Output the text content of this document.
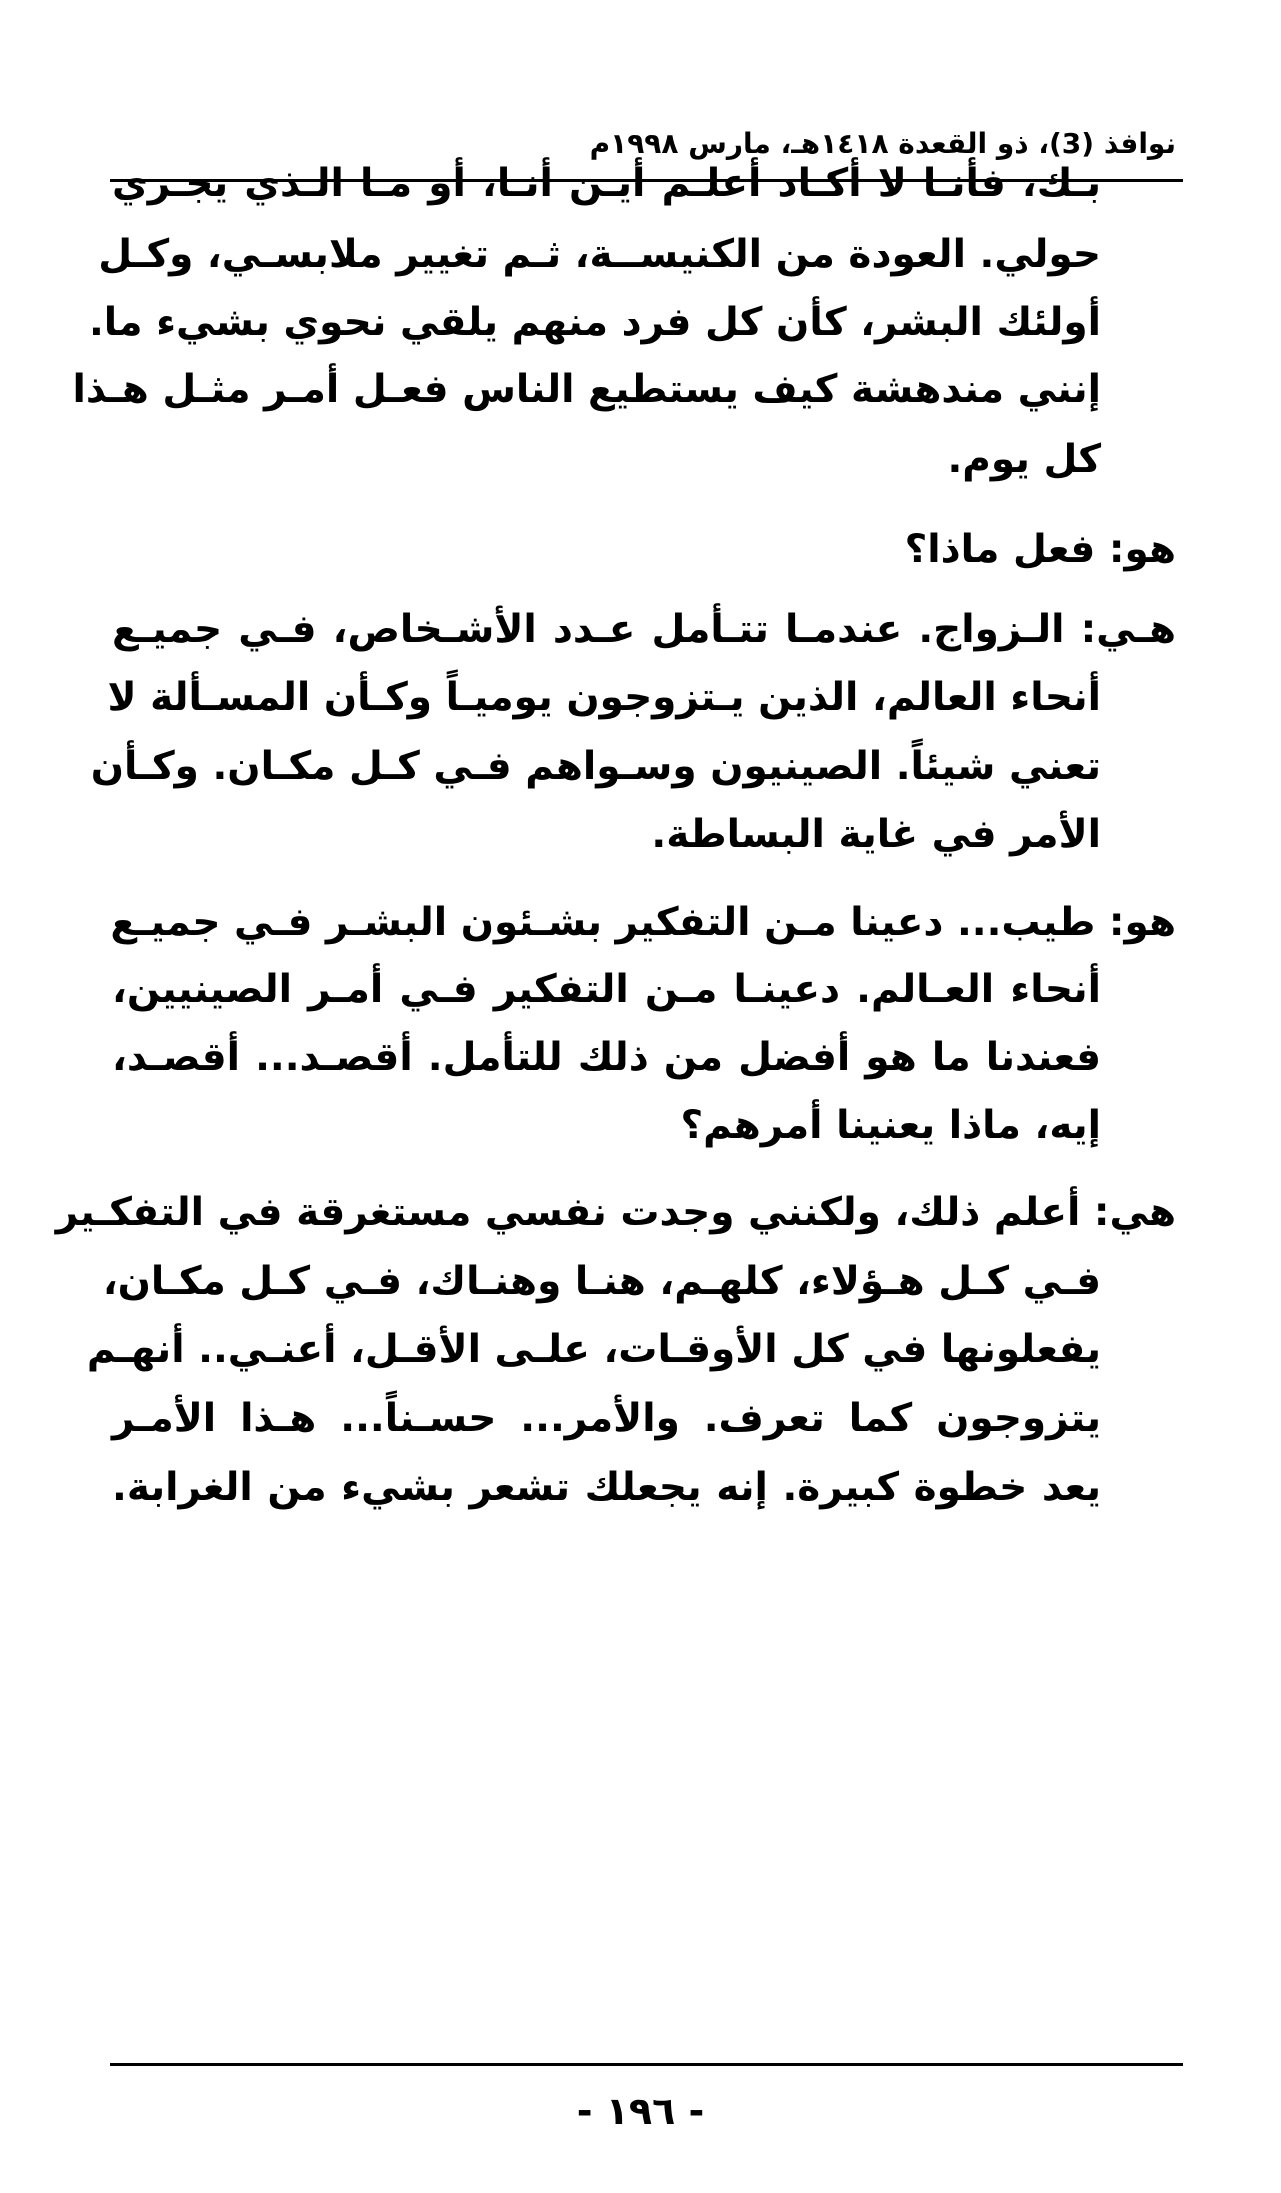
نوافذ (3)، ذو القعدة ١٤١٨هـ، مارس ١٩٩٨م
بـك، فأنـا لا أكـاد أعلـم أيـن أنـا، أو مـا الـذي يجـري
حولي. العودة من الكنيســة، ثـم تغيير ملابسـي، وكـل
أولئك البشر، كأن كل فرد منهم يلقي نحوي بشيء ما.
إنني مندهشة كيف يستطيع الناس فعـل أمـر مثـل هـذا
كل يوم.
هو: فعل ماذا؟
هـي: الـزواج. عندمـا تتـأمل عـدد الأشـخاص، فـي جميـع
أنحاء العالم، الذين يـتزوجون يوميـاً وكـأن المسـألة لا
تعني شيئاً. الصينيون وسـواهم فـي كـل مكـان. وكـأن
الأمر في غاية البساطة.
هو: طيب... دعينا مـن التفكير بشـئون البشـر فـي جميـع
أنحاء العـالم. دعينـا مـن التفكير فـي أمـر الصينيين،
فعندنا ما هو أفضل من ذلك للتأمل. أقصـد... أقصـد،
إيه، ماذا يعنينا أمرهم؟
هي: أعلم ذلك، ولكنني وجدت نفسي مستغرقة في التفكـير
فـي كـل هـؤلاء، كلهـم، هنـا وهنـاك، فـي كـل مكـان،
يفعلونها في كل الأوقـات، علـى الأقـل، أعنـي.. أنهـم
يتزوجون كما تعرف. والأمر... حسـناً... هـذا الأمـر
يعد خطوة كبيرة. إنه يجعلك تشعر بشيء من الغرابة.
- ١٩٦ -
